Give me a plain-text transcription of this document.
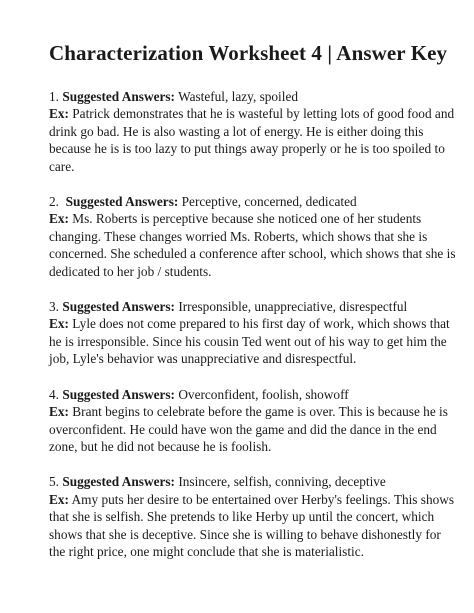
Characterization Worksheet 4 | Answer Key

1. Suggested Answers: Wasteful, lazy, spoiled

Ex: Patrick demonstrates that he is wasteful by letting lots of good food and drink go bad. He is also wasting a lot of energy. He is either doing this because he is is too lazy to put things away properly or he is too spoiled to care.

2. Suggested Answers: Perceptive, concerned, dedicated

Ex: Ms. Roberts is perceptive because she noticed one of her students changing. These changes worried Ms. Roberts, which shows that she is concerned. She scheduled a conference after school, which shows that she is dedicated to her job / students.

3. Suggested Answers: Irresponsible, unappreciative, disrespectful

Ex: Lyle does not come prepared to his first day of work, which shows that he is irresponsible. Since his cousin Ted went out of his way to get him the job, Lyle's behavior was unappreciative and disrespectful.

4. Suggested Answers: Overconfident, foolish, showoff

Ex: Brant begins to celebrate before the game is over. This is because he is overconfident. He could have won the game and did the dance in the end zone, but he did not because he is foolish.

5. Suggested Answers: Insincere, selfish, conniving, deceptive

Ex: Amy puts her desire to be entertained over Herby's feelings. This shows that she is selfish. She pretends to like Herby up until the concert, which shows that she is deceptive. Since she is willing to behave dishonestly for the right price, one might conclude that she is materialistic.
